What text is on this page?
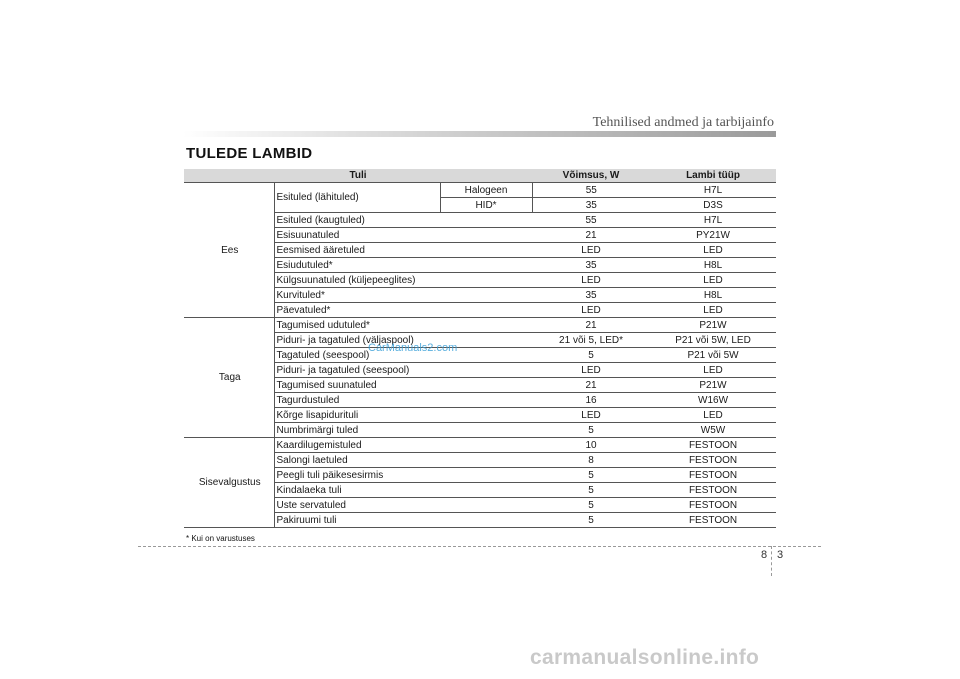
Tehnilised andmed ja tarbijainfo
TULEDE LAMBID
Tuli			Võimsus, W	Lambi tüüp
Ees	Esituled (lähituled)	Halogeen	55	H7L
		HID*	35	D3S
	Esituled (kaugtuled)		55	H7L
	Esisuunatuled		21	PY21W
	Eesmised ääretuled		LED	LED
	Esiudutuled*		35	H8L
	Külgsuunatuled (küljepeeglites)		LED	LED
	Kurvituled*		35	H8L
	Päevatuled*		LED	LED
Taga	Tagumised udutuled*		21	P21W
	Piduri- ja tagatuled (väljaspool)		21 või 5, LED*	P21 või 5W, LED
	Tagatuled (seespool)		5	P21 või 5W
	Piduri- ja tagatuled (seespool)		LED	LED
	Tagumised suunatuled		21	P21W
	Tagurdustuled		16	W16W
	Kõrge lisapidurituli		LED	LED
	Numbrimärgi tuled		5	W5W
Sisevalgustus	Kaardilugemistuled		10	FESTOON
	Salongi laetuled		8	FESTOON
	Peegli tuli päikesesirmis		5	FESTOON
	Kindalaeka tuli		5	FESTOON
	Uste servatuled		5	FESTOON
	Pakiruumi tuli		5	FESTOON
CarManuals2.com
* Kui on varustuses
8 3
carmanualsonline.info
